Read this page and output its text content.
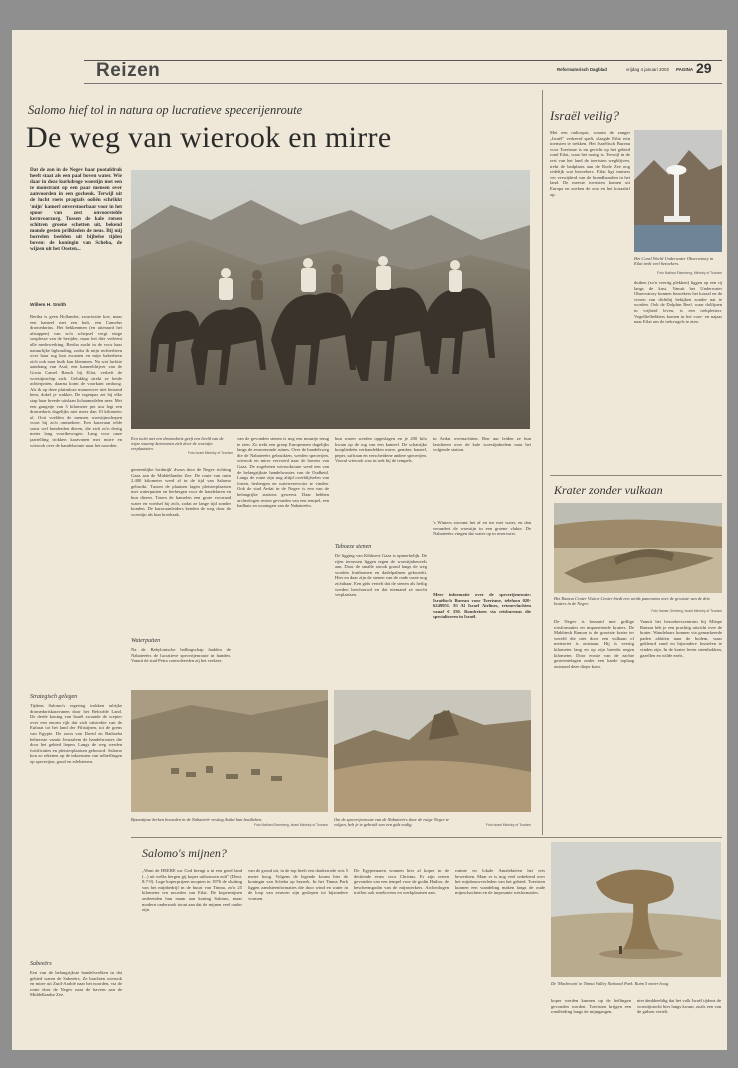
Reizen	Reformatorisch Dagblad	vrijdag 4 januari 2002	PAGINA 29
Salomo hief tol in natura op lucratieve specerijenroute
De weg van wierook en mirre
Dat de zon in de Negev haar pootafdruk heeft staat als een paal boven water. Wie daar in deze kurkdroge woestijn met een te monstrant op een paar mensen over aanvoorden in een gocheuk. Terwijl uit de lucht roets pragtafs ooliën schrikkt 'mijn' kamerl onverstoorbaar voor in het spoor van zest onvoorstelde kernvoorzorg. Tussen de kale rotsen schitren groene schetten uit, bekend monde gesten prilkleden de neus. Bij mij borrelen beelden uit bijbelse tijden boven: de koningin van Scheba, de wijzen uit het Oosten...
Willem H. Smith
Bertha is geen Hollandse, zwartwitte koe, maar een kameel met een bult, een Camelus dromedarius. Het bekkenmen (en uiteraard het afstappen) van zo'n schepsel vergt enige souplesse van de berijder, maar het dier verleent alle medewerking. Bertha zucht in de voor haar natuurlijke ligbouding, zodra ik mijn rechterbeen over haar rug kan zwaaien en mijn bakerheen zich ook naar buik kan klemmen. Na wat luchtte aandrang van Asaf, een kameeldrijver van de Gocta Camel Ranch bij Eilat, verheft de woestijnschip zich. Gelukkig strekt ze beide achterpoten, daarna komt de voorkant omhoog. Als ik op deze pluimloze manoeuvre niet bestand bent, dukel je wakker. De tegenpas zet bij elke stap haar breede uitslaan lichaamsdelen neer. Met een gangetje van 3 kilometer per uur legt een dromedaris dagelijks niet meer dan 10 kilometer af. Ooit voelden de mensen woestijnschepen voort bij zo'n ommekeer. Een karavaan telde soms wel honderden dieren, die zich zo'n dertig meter lang voortbewogen. Lang voor onze jaartelling trokken karavanen met mirre en wierook over de handelsroute naar het noorden.
Strategisch gelegen
Tijdens Salomo's regering trokken talrijke dromedariskaravanen door het Beloofde Land. De derde koning van Israël zwaaide de scepter over een enorm rijk dat zich uitstrekte van de Eufraat tot het land der Filistijnen, tot de grens van Egypte. De zoon van David en Bathseba beheerste vanuit Jeruzalem de handelsroutes die door het gebied liepen. Langs de weg werden fortificaties en pleisterplaatsen gebouwd. Salomo kon zo rekenen op de inkomsten van tolheffingen op specerijen, goud en edelstenen.
Sabeeërs
Een van de belangrijkste handelsvolken in dat gebied waren de Sabeeërs. Ze brachten wierook en mirre uit Zuid-Arabië naar het noorden, via de route door de Negev naar de havens aan de Middellandse Zee.
Een tocht met een dromedaris geeft een beeld van de wijze waarop karavanen zich door de woestijn verplaatsten.
Foto Israel Ministry of Tourism
gemeenlijke fordmijk' dwars door de Negev richting Gaza aan de Middellandse Zee. De route van ruim 2.400 kilometer werd al in de tijd van Salomo gebruikt. Tussen de plaatsen lagen pleisterplaatsen met waterputten en herbergen voor de handelaren en hun dieren. Tonen de kamelen een grote voorraad water en voedsel bij zich, zodat ze lange tijd zonder konden. De karavaanleiders kenden de weg door de woestijn als hun broekzak.
Waterputten
Na de Babylonische ballingschap hadden de Nabateeërs de lucratieve specerijenroute in handen. Vanuit de stad Petra controleerden zij het verkeer.
van de gevonden stenen is nog een muurtje terug te zien. Zo trekt een groep Europeanen dagelijks langs de eeuwenoude ruïnes. Over de handelsweg die de Nabateeërs gebruikten, werden specerijen, wierook en mirre vervoerd naar de havens van Gaza. De zogeheten wierookroute werd een van de belangrijkste handelsroutes van de Oudheid. Langs de route zijn nog altijd overblijfselen van forten, herbergen en waterreservoirs te vinden. Ook de stad Avdat in de Negev is een van de belangrijke stations geweest. Daar hebben archeologen resten gevonden van een tempel, een badhuis en woningen van de Nabateeërs.
hun waren werden opgeslagen en je 200 kilo kwam op de rug van een kameel. De schatrijke koopliedeën verhandelden mirre, gember, kaneel, peper, saffraan en verscheidene andere specerijen. Vooral wierook was in trek bij de tempels.
Taboeze stenen
De ligging van Kibboets Gaza is opmerkelijk. De rijen terrassen liggen tegen de woestijnheuvels aan. Door de smalle strook grond langs de weg worden fruitbomen en dadelpalmen gekweekt. Hier en daar zijn de stenen van de oude route nog zichtbaar. Een gids vertelt dat de stenen als heilig werden beschouwd en dat niemand ze mocht verplaatsen.
in Avdat overnachtten. Ben uur leiden ze hun lastdieren over de kale woestijnbodem naar het volgende station.
's Winters stroomt het af en toe met water, en dan verandert de woestijn in een groene vlakte. De Nabateeërs vingen dat water op in reservoirs.
Meer informatie over de specerijenroute: Israëlisch Bureau voor Toerisme, telefoon 020-6249051. El Al Israel Airlines, retourvluchten vanaf € 350. Rondreizen via reisbureaus die specialiseren in Israël.
Byzantijnse kerken bouwden in de Nabateeër vesting Avdat hun basilieken.
Foto Nathan Eisenberg, Israel Ministry of Tourism
Om de specerijenroute van de Nabateeërs door de ruige Negev te volgen, heb je te gebruik van een gids nodig.	Foto Israel Ministry of Tourism
Salomo's mijnen?
„Want de HEERE uw God brengt u in een goed land (...) uit welks bergen gij koper uithouwen zult” (Deut. 8:7-9). Lage koperprijzen noopten in 1976 de sluiting van het mijnbedrijf in de buurt van Timna, zo'n 25 kilometer ten noorden van Eilat. De kopermijnen ontleenden hun naam aan koning Salomo, maar modern onderzoek toont aan dat de mijnen veel ouder zijn.
van de grond uit, in de top heeft een donkerrode rots 5 meter hoog. Volgens de legende kwam hier de koningin van Scheba op bezoek. In het Timna Park liggen zandsteenformaties die door wind en water in de loop van eeuwen zijn geslepen tot bijzondere vormen.
De Egyptenaren wonnen hier al koper in de dertiende eeuw voor Christus. Er zijn resten gevonden van een tempel voor de godin Hathor, de beschermgodin van de mijnwerkers. Archeologen troffen ook smeltovens en werkplaatsen aan.
ruimte en lokale Amalekieten het erts bewerkten. Maar er is nog veel onbekend over het mijnbouwverleden van het gebied. Toeristen kunnen een wandeling maken langs de oude mijnschachten en de imposante rotsformaties.
De 'Mushroom' in Timna Valley National Park. Ruim 5 meter hoog.
koper werden kunnen op de hellingen gevonden worden. Toeristen krijgen een rondleiding langs de mijngangen.
niet denkbeeldig dat het volk Israël tijdens de woestijntocht hier langs kwam, zoals een van de gidsen vertelt.
Israël veilig?
Met een radiospot, waarin de zanger „Israël” verkeerd spelt, slaagde Eilat erin toeristen te trekken. Het Israëlisch Bureau voor Toerisme is nu gericht op het gebied rond Eilat, waar het rustig is. Terwijl in de rest van het land de toeristen wegblijven, trekt de badplaats aan de Rode Zee nog redelijk wat bezoekers. Eilat ligt immers ver verwijderd van de brandhaarden in het land. De meeste toeristen komen uit Europa en zoeken de zon en het koraalrif op.
Het Coral World Underwater Observatory in Eilat trekt veel bezoekers.
Foto Nathan Eisenberg, Ministry of Tourism
duiken (zo'n veertig plekken) liggen op een rij langs de kust. Vanuit het Underwater Observatory kunnen bezoekers het koraal en de vissen van dichtbij bekijken zonder nat te worden. Ook de Dolphin Reef, waar dolfijnen in vrijheid leven, is een trekpleister. Vogelliefhebbers komen in het voor- en najaar naar Eilat om de trekvogels te zien.
Krater zonder vulkaan
Het Ramon Crater Visitor Center biedt een weids panorama over de grootste van de drie kraters in de Negev.
Foto Itamar Grinberg, Israel Ministry of Tourism
De Negev is bezaaid met grillige rotsformaties en imponerende kraters. De Makhtesh Ramon is de grootste krater ter wereld die niet door een vulkaan of meteoriet is ontstaan. Hij is veertig kilometer lang en op zijn breedst negen kilometer. Door erosie van de zachte gesteentelagen onder een harde toplaag ontstond deze diepe kom.
Vanuit het bezoekerscentrum bij Mitspe Ramon heb je een prachtig uitzicht over de krater. Wandelaars kunnen via gemarkeerde paden afdalen naar de bodem, waar gekleurd zand en bijzondere fossielen te vinden zijn. In de krater leven steenbokken, gazellen en wilde ezels.
